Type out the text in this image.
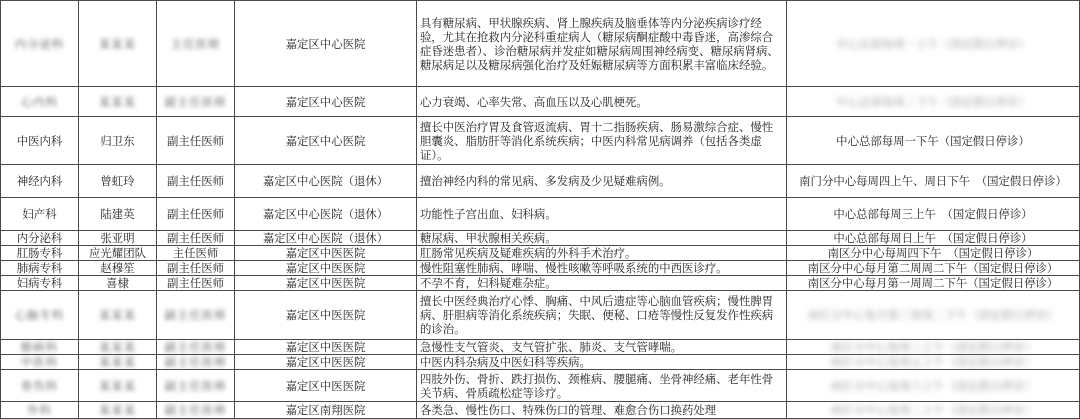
内分泌科	某某某	主任医师	嘉定区中心医院	具有糖尿病、甲状腺疾病、肾上腺疾病及脑垂体等内分泌疾病诊疗经验，尤其在抢救内分泌科重症病人（糖尿病酮症酸中毒昏迷，高渗综合症昏迷患者）、诊治糖尿病并发症如糖尿病周围神经病变、糖尿病肾病、糖尿病足以及糖尿病强化治疗及妊娠糖尿病等方面积累丰富临床经验。	中心总部每周一上午（国定假日停诊）
心内科	某某某	副主任医师	嘉定区中心医院	心力衰竭、心率失常、高血压以及心肌梗死。	中心总部每周二下午（国定假日停诊）
中医内科	归卫东	副主任医师	嘉定区中心医院	擅长中医治疗胃及食管返流病、胃十二指肠疾病、肠易激综合症、慢性胆囊炎、脂肪肝等消化系统疾病；中医内科常见病调养（包括各类虚证）。	中心总部每周一下午（国定假日停诊）
神经内科	曾虹玲	副主任医师	嘉定区中心医院（退休）	擅治神经内科的常见病、多发病及少见疑难病例。	南门分中心每周四上午、周日下午　（国定假日停诊）
妇产科	陆建英	副主任医师	嘉定区中心医院（退休）	功能性子宫出血、妇科病。	中心总部每周三上午　（国定假日停诊）
内分泌科	张亚明	副主任医师	嘉定区中心医院（退休）	糖尿病、甲状腺相关疾病。	中心总部每周日上午　（国定假日停诊）
肛肠专科	应光耀团队	主任医师	嘉定区中医医院	肛肠常见疾病及疑难疾病的外科手术治疗。	南区分中心每周四下午　（国定假日停诊）
肺病专科	赵穆笙	副主任医师	嘉定区中医医院	慢性阻塞性肺病、哮喘、慢性咳嗽等呼吸系统的中西医诊疗。	南区分中心每月第二周周二下午（国定假日停诊）
妇病专科	喜棣	副主任医师	嘉定区中医医院	不孕不育，妇科疑难杂症。	南区分中心每月第一周周二下午（国定假日停诊）
心脑专科	某某某	副主任医师	嘉定区中医医院	擅长中医经典治疗心悸、胸痛、中风后遗症等心脑血管疾病；慢性脾胃病、肝胆病等消化系统疾病；失眠、便秘、口疮等慢性反复发作性疾病的诊治。	南区分中心每月第三周周二下午（国定假日停诊）
肺病科	某某某	副主任医师	嘉定区中医医院	急慢性支气管炎、支气管扩张、肺炎、支气管哮喘。	南区分中心每周三上午（国定假日停诊）
中医科	某某某	副主任医师	嘉定区中医医院	中医内科杂病及中医妇科等疾病。	南区分中心每周五上午（国定假日停诊）
骨伤科	某某某	副主任医师	嘉定区中医医院	四肢外伤、骨折、跌打损伤、颈椎病、腰腿痛、坐骨神经痛、老年性骨关节病、骨质疏松症等诊疗。	南区分中心每周六上午（国定假日停诊）
外科	某某某	副主任医师	嘉定区南翔医院	各类急、慢性伤口、特殊伤口的管理、难愈合伤口换药处理	南区分中心每周二上午（国定假日停诊）
